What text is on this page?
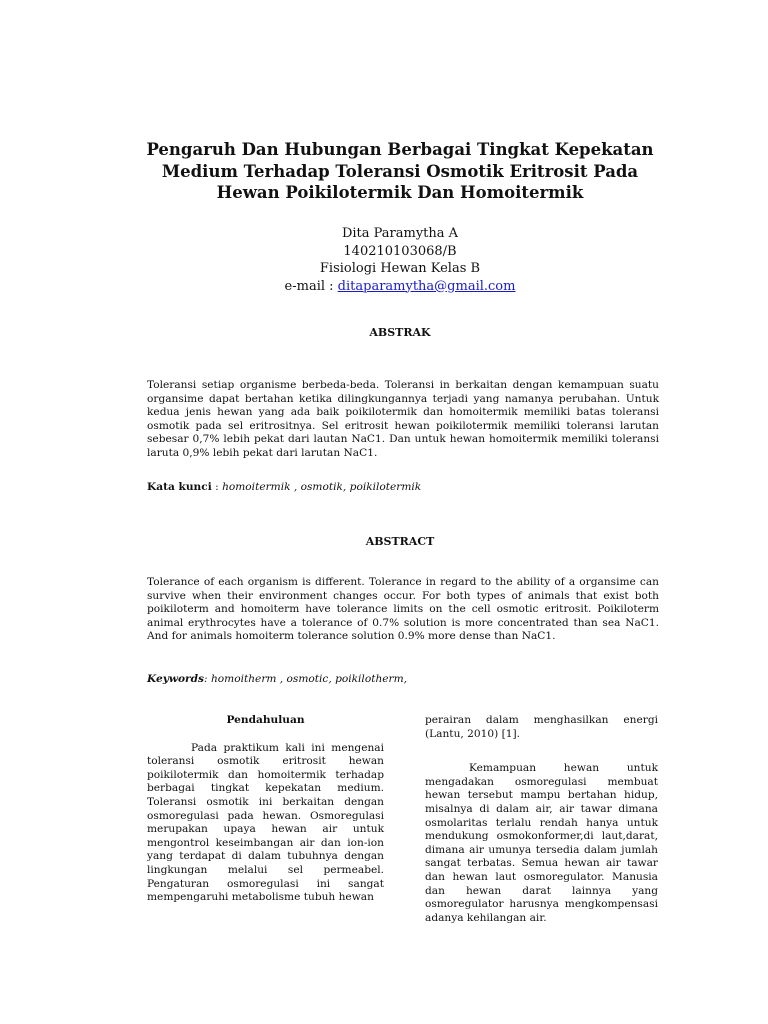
Pengaruh Dan Hubungan Berbagai Tingkat Kepekatan
Medium Terhadap Toleransi Osmotik Eritrosit Pada
Hewan Poikilotermik Dan Homoitermik
Dita Paramytha A
140210103068/B
Fisiologi Hewan Kelas B
e-mail : ditaparamytha@gmail.com
ABSTRAK
Toleransi setiap organisme berbeda-beda. Toleransi in berkaitan dengan kemampuan suatu organsime dapat bertahan ketika dilingkungannya terjadi yang namanya perubahan. Untuk kedua jenis hewan yang ada baik poikilotermik dan homoitermik memiliki batas toleransi osmotik pada sel eritrositnya. Sel eritrosit hewan poikilotermik memiliki toleransi larutan sebesar 0,7% lebih pekat dari lautan NaC1. Dan untuk hewan homoitermik memiliki toleransi laruta 0,9% lebih pekat dari larutan NaC1.
Kata kunci : homoitermik , osmotik, poikilotermik
ABSTRACT
Tolerance of each organism is different. Tolerance in regard to the ability of a organsime can survive when their environment changes occur. For both types of animals that exist both poikiloterm and homoiterm have tolerance limits on the cell osmotic eritrosit. Poikiloterm animal erythrocytes have a tolerance of 0.7% solution is more concentrated than sea NaC1. And for animals homoiterm tolerance solution 0.9% more dense than NaC1.
Keywords: homoitherm , osmotic, poikilotherm,
Pendahuluan
Pada praktikum kali ini mengenai toleransi osmotik eritrosit hewan poikilotermik dan homoitermik terhadap berbagai tingkat kepekatan medium. Toleransi osmotik ini berkaitan dengan osmoregulasi pada hewan. Osmoregulasi merupakan upaya hewan air untuk mengontrol keseimbangan air dan ion-ion yang terdapat di dalam tubuhnya dengan lingkungan melalui sel permeabel. Pengaturan osmoregulasi ini sangat mempengaruhi metabolisme tubuh hewan
perairan dalam menghasilkan energi (Lantu, 2010) [1].
Kemampuan hewan untuk mengadakan osmoregulasi membuat hewan tersebut mampu bertahan hidup, misalnya di dalam air, air tawar dimana osmolaritas terlalu rendah hanya untuk mendukung osmokonformer,di laut,darat, dimana air umunya tersedia dalam jumlah sangat terbatas. Semua hewan air tawar dan hewan laut osmoregulator. Manusia dan hewan darat lainnya yang osmoregulator harusnya mengkompensasi adanya kehilangan air.
